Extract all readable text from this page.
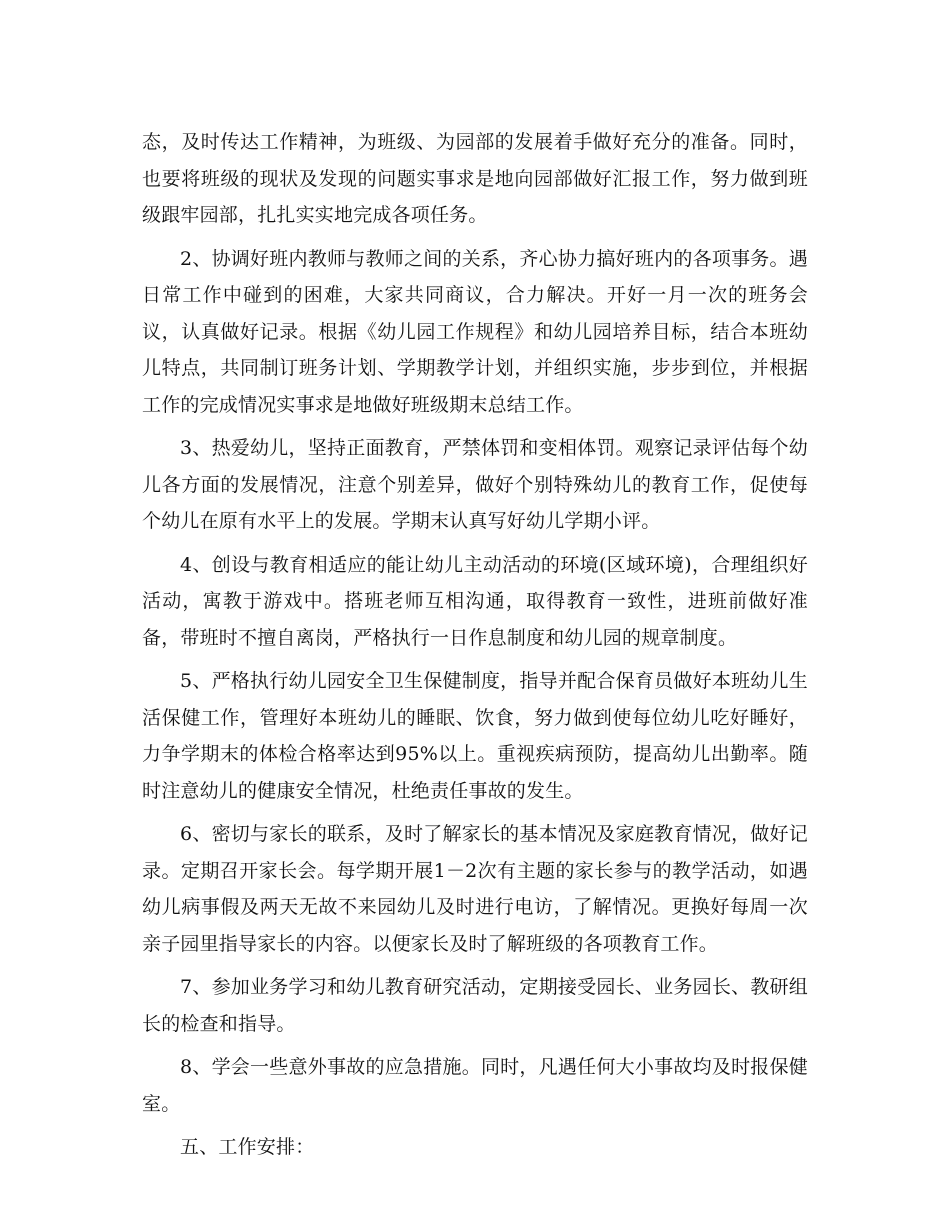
态，及时传达工作精神，为班级、为园部的发展着手做好充分的准备。同时，也要将班级的现状及发现的问题实事求是地向园部做好汇报工作，努力做到班级跟牢园部，扎扎实实地完成各项任务。

2、协调好班内教师与教师之间的关系，齐心协力搞好班内的各项事务。遇日常工作中碰到的困难，大家共同商议，合力解决。开好一月一次的班务会议，认真做好记录。根据《幼儿园工作规程》和幼儿园培养目标，结合本班幼儿特点，共同制订班务计划、学期教学计划，并组织实施，步步到位，并根据工作的完成情况实事求是地做好班级期末总结工作。

3、热爱幼儿，坚持正面教育，严禁体罚和变相体罚。观察记录评估每个幼儿各方面的发展情况，注意个别差异，做好个别特殊幼儿的教育工作，促使每个幼儿在原有水平上的发展。学期末认真写好幼儿学期小评。

4、创设与教育相适应的能让幼儿主动活动的环境(区域环境)，合理组织好活动，寓教于游戏中。搭班老师互相沟通，取得教育一致性，进班前做好准备，带班时不擅自离岗，严格执行一日作息制度和幼儿园的规章制度。

5、严格执行幼儿园安全卫生保健制度，指导并配合保育员做好本班幼儿生活保健工作，管理好本班幼儿的睡眠、饮食，努力做到使每位幼儿吃好睡好，力争学期末的体检合格率达到95%以上。重视疾病预防，提高幼儿出勤率。随时注意幼儿的健康安全情况，杜绝责任事故的发生。

6、密切与家长的联系，及时了解家长的基本情况及家庭教育情况，做好记录。定期召开家长会。每学期开展1－2次有主题的家长参与的教学活动，如遇幼儿病事假及两天无故不来园幼儿及时进行电访，了解情况。更换好每周一次亲子园里指导家长的内容。以便家长及时了解班级的各项教育工作。

7、参加业务学习和幼儿教育研究活动，定期接受园长、业务园长、教研组长的检查和指导。

8、学会一些意外事故的应急措施。同时，凡遇任何大小事故均及时报保健室。

五、工作安排：
